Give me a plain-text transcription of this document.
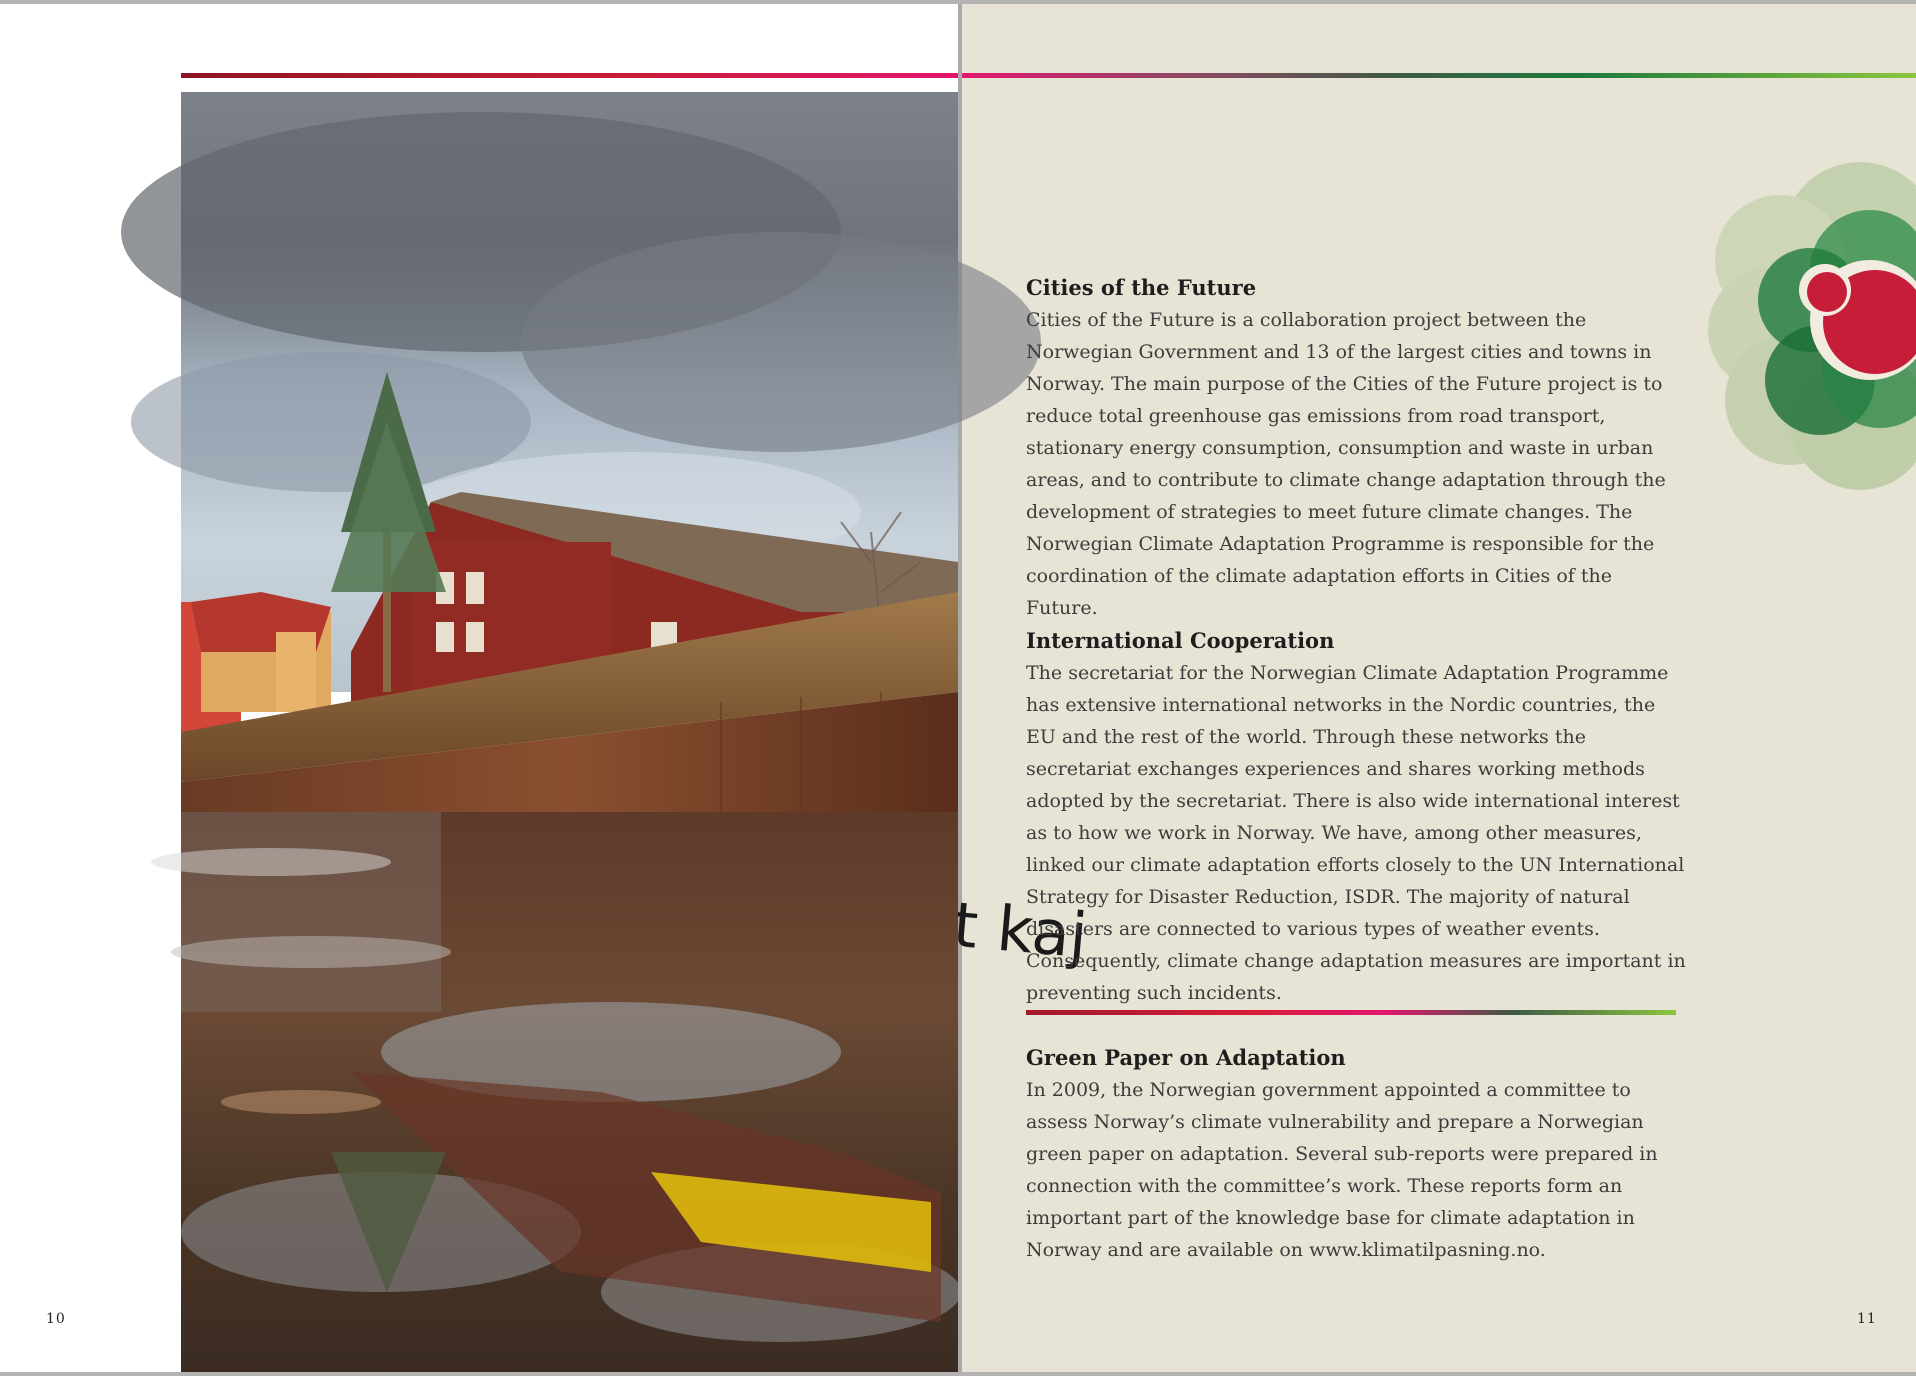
kaj
Cities of the Future

Cities of the Future is a collaboration project between the Norwegian Government and 13 of the largest cities and towns in Norway. The main purpose of the Cities of the Future project is to reduce total greenhouse gas emissions from road transport, stationary energy consumption, consumption and waste in urban areas, and to contribute to climate change adaptation through the development of strategies to meet future climate changes. The Norwegian Climate Adaptation Programme is responsible for the coordination of the climate adaptation efforts in Cities of the Future.

International Cooperation

The secretariat for the Norwegian Climate Adaptation Programme has extensive international networks in the Nordic countries, the EU and the rest of the world. Through these networks the secretariat exchanges experiences and shares working methods adopted by the secretariat. There is also wide international interest as to how we work in Norway. We have, among other measures, linked our climate adaptation efforts closely to the UN International Strategy for Disaster Reduction, ISDR. The majority of natural disasters are connected to various types of weather events. Consequently, climate change adaptation measures are important in preventing such incidents.

Green Paper on Adaptation

In 2009, the Norwegian government appointed a committee to assess Norway’s climate vulnerability and prepare a Norwegian green paper on adaptation. Several sub-reports were prepared in connection with the committee’s work. These reports form an important part of the knowledge base for climate adaptation in Norway and are available on www.klimatilpasning.no.

10	11
